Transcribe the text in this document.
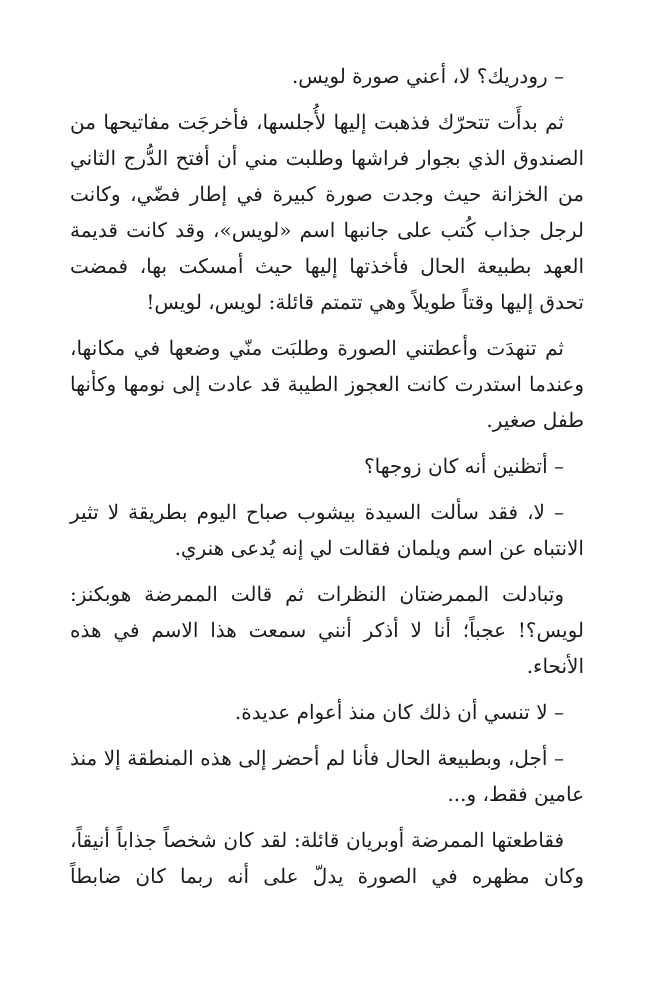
– رودريك؟ لا، أعني صورة لويس.

ثم بدأَت تتحرّك فذهبت إليها لأُجلسها، فأخرجَت مفاتيحها من الصندوق الذي بجوار فراشها وطلبت مني أن أفتح الدُّرج الثاني من الخزانة حيث وجدت صورة كبيرة في إطار فضّي، وكانت لرجل جذاب كُتب على جانبها اسم «لويس»، وقد كانت قديمة العهد بطبيعة الحال فأخذتها إليها حيث أمسكت بها، فمضت تحدق إليها وقتاً طويلاً وهي تتمتم قائلة: لويس، لويس!

ثم تنهدَت وأعطتني الصورة وطلبَت منّي وضعها في مكانها، وعندما استدرت كانت العجوز الطيبة قد عادت إلى نومها وكأنها طفل صغير.

– أتظنين أنه كان زوجها؟

– لا، فقد سألت السيدة بيشوب صباح اليوم بطريقة لا تثير الانتباه عن اسم ويلمان فقالت لي إنه يُدعى هنري.

وتبادلت الممرضتان النظرات ثم قالت الممرضة هوبكنز: لويس؟! عجباً؛ أنا لا أذكر أنني سمعت هذا الاسم في هذه الأنحاء.

– لا تنسي أن ذلك كان منذ أعوام عديدة.

– أجل، وبطبيعة الحال فأنا لم أحضر إلى هذه المنطقة إلا منذ عامين فقط، و...

فقاطعتها الممرضة أوبريان قائلة: لقد كان شخصاً جذاباً أنيقاً، وكان مظهره في الصورة يدلّ على أنه ربما كان ضابطاً
